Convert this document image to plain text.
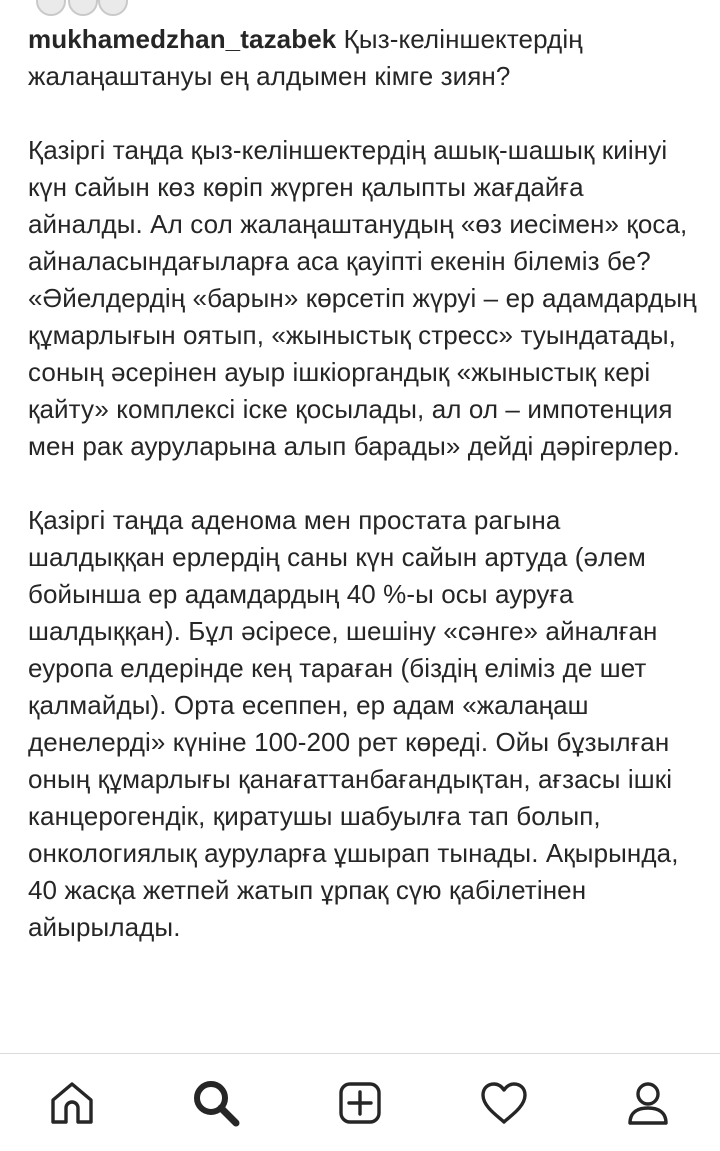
mukhamedzhan_tazabek Қыз-келіншектердің жалаңаштануы ең алдымен кімге зиян?

Қазіргі таңда қыз-келіншектердің ашық-шашық киінуі күн сайын көз көріп жүрген қалыпты жағдайға айналды. Ал сол жалаңаштанудың «өз иесімен» қоса, айналасындағыларға аса қауіпті екенін білеміз бе? «Әйелдердің «барын» көрсетіп жүруі – ер адамдардың құмарлығын оятып, «жыныстық стресс» туындатады, соның әсерінен ауыр ішкіоргандық «жыныстық кері қайту» комплексі іске қосылады, ал ол – импотенция мен рак ауруларына алып барады» дейді дәрігерлер.

Қазіргі таңда аденома мен простата рагына шалдыққан ерлердің саны күн сайын артуда (әлем бойынша ер адамдардың 40 %-ы осы ауруға шалдыққан). Бұл әсіресе, шешіну «сәнге» айналған еуропа елдерінде кең тараған (біздің еліміз де шет қалмайды). Орта есеппен, ер адам «жалаңаш денелерді» күніне 100-200 рет көреді. Ойы бұзылған оның құмарлығы қанағаттанбағандықтан, ағзасы ішкі канцерогендік, қиратушы шабуылға тап болып, онкологиялық ауруларға ұшырап тынады. Ақырында, 40 жасқа жетпей жатып ұрпақ сүю қабілетінен айырылады.
